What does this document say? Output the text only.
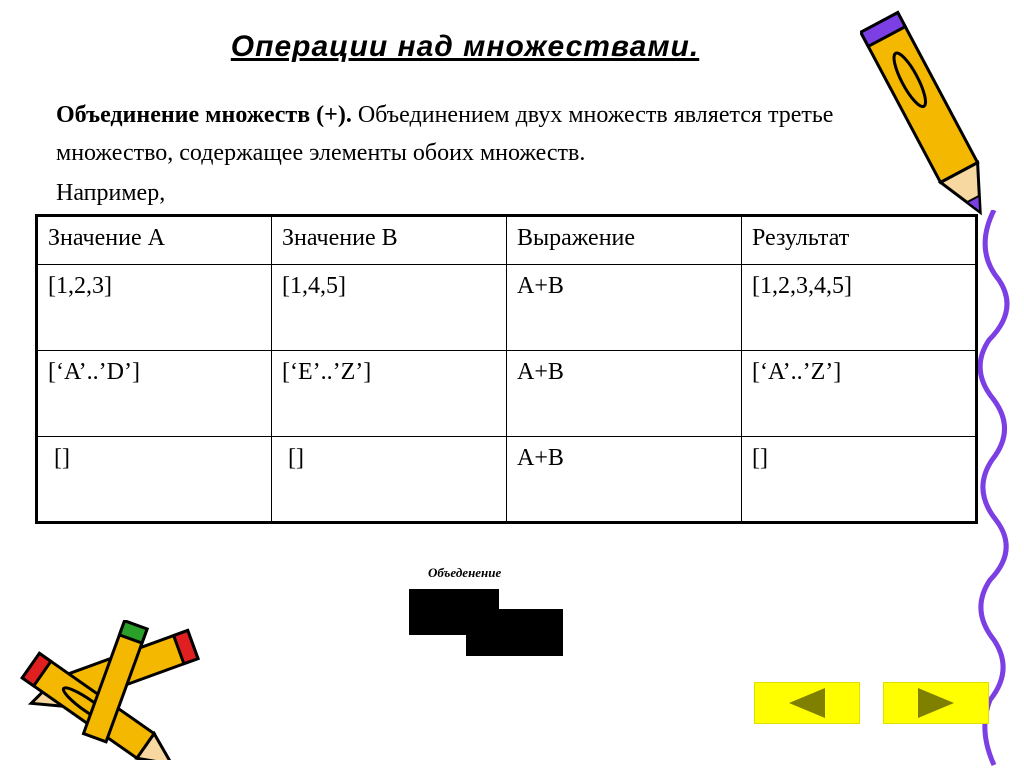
Операции над множествами.
Объединение множеств (+). Объединением двух множеств является третье множество, содержащее элементы обоих множеств.
Например,
Значение А	Значение В	Выражение	Результат
[1,2,3]	[1,4,5]	A+B	[1,2,3,4,5]
[‘A’..’D’]	[‘E’..’Z’]	A+B	[‘A’..’Z’]
[]	[]	A+B	[]
Объеденение
